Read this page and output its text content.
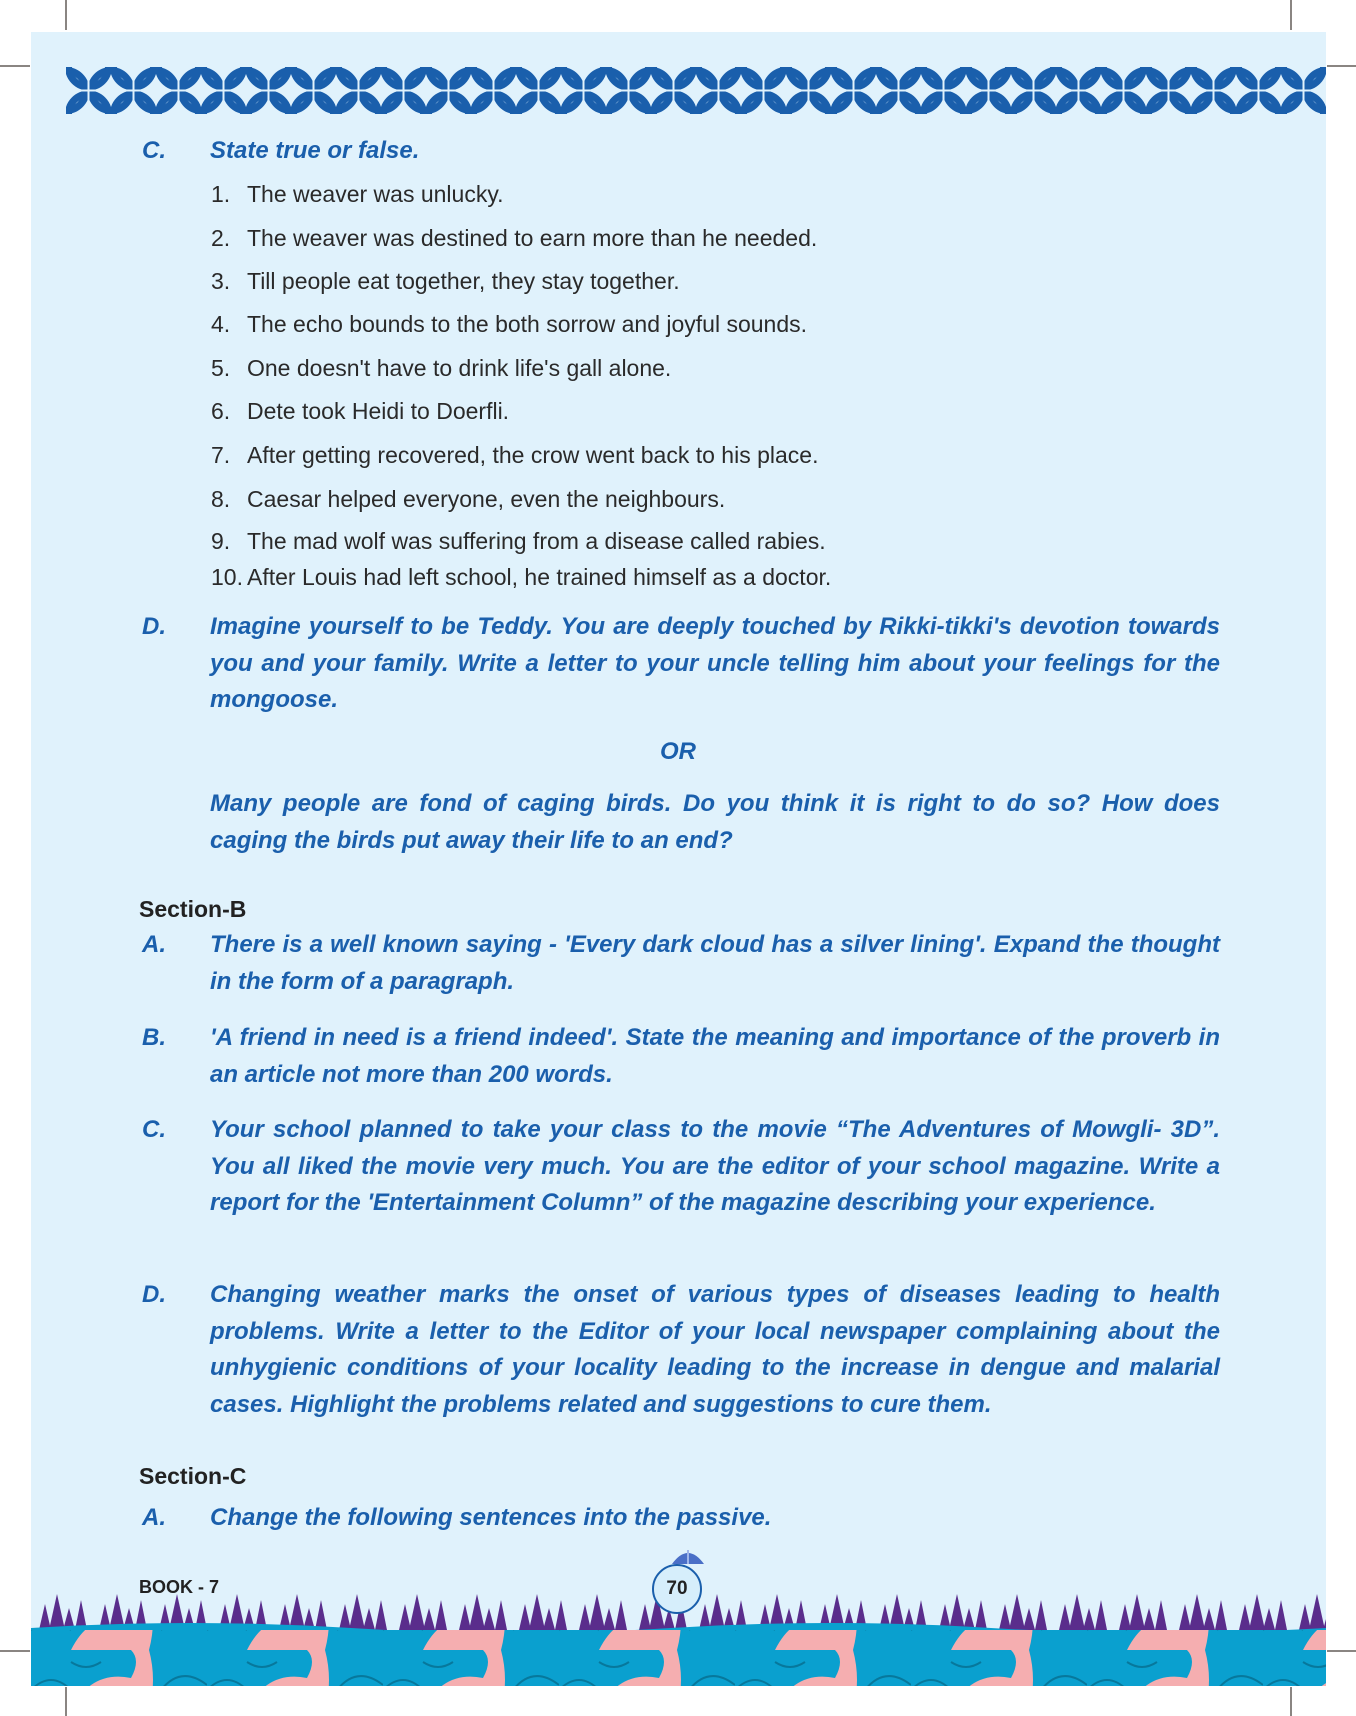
C. State true or false.
1. The weaver was unlucky.
2. The weaver was destined to earn more than he needed.
3. Till people eat together, they stay together.
4. The echo bounds to the both sorrow and joyful sounds.
5. One doesn't have to drink life's gall alone.
6. Dete took Heidi to Doerfli.
7. After getting recovered, the crow went back to his place.
8. Caesar helped everyone, even the neighbours.
9. The mad wolf was suffering from a disease called rabies.
10. After Louis had left school, he trained himself as a doctor.
D. Imagine yourself to be Teddy. You are deeply touched by Rikki-tikki's devotion towards you and your family. Write a letter to your uncle telling him about your feelings for the mongoose.
OR
Many people are fond of caging birds. Do you think it is right to do so? How does caging the birds put away their life to an end?
Section-B
A. There is a well known saying - 'Every dark cloud has a silver lining'. Expand the thought in the form of a paragraph.
B. 'A friend in need is a friend indeed'. State the meaning and importance of the proverb in an article not more than 200 words.
C. Your school planned to take your class to the movie “The Adventures of Mowgli- 3D”. You all liked the movie very much. You are the editor of your school magazine. Write a report for the 'Entertainment Column” of the magazine describing your experience.
D. Changing weather marks the onset of various types of diseases leading to health problems. Write a letter to the Editor of your local newspaper complaining about the unhygienic conditions of your locality leading to the increase in dengue and malarial cases. Highlight the problems related and suggestions to cure them.
Section-C
A. Change the following sentences into the passive.
BOOK - 7	70
